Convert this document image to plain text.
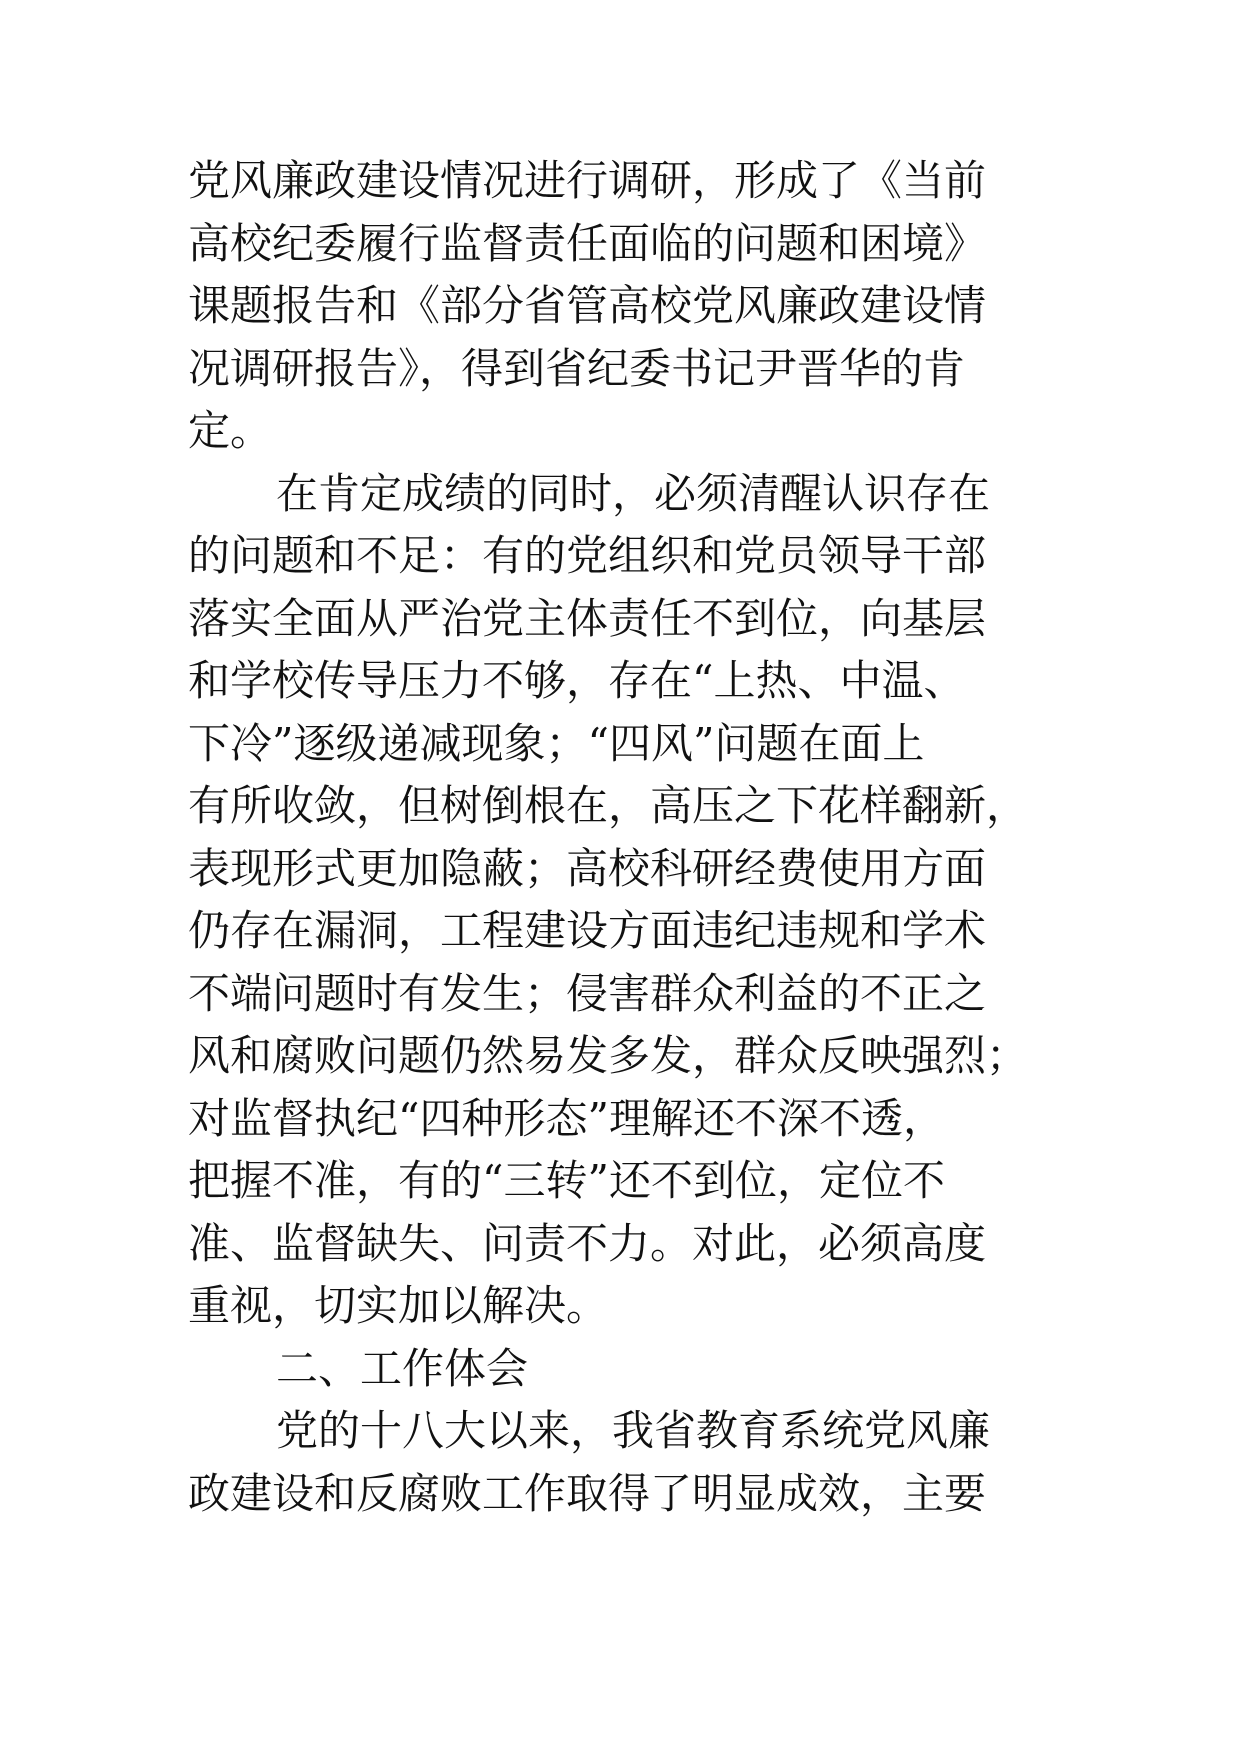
党风廉政建设情况进行调研，形成了《当前
高校纪委履行监督责任面临的问题和困境》
课题报告和《部分省管高校党风廉政建设情
况调研报告》，得到省纪委书记尹晋华的肯
定。
在肯定成绩的同时，必须清醒认识存在
的问题和不足：有的党组织和党员领导干部
落实全面从严治党主体责任不到位，向基层
和学校传导压力不够，存在“上热、中温、
下冷”逐级递减现象；“四风”问题在面上
有所收敛，但树倒根在，高压之下花样翻新，
表现形式更加隐蔽；高校科研经费使用方面
仍存在漏洞，工程建设方面违纪违规和学术
不端问题时有发生；侵害群众利益的不正之
风和腐败问题仍然易发多发，群众反映强烈；
对监督执纪“四种形态”理解还不深不透，
把握不准，有的“三转”还不到位，定位不
准、监督缺失、问责不力。对此，必须高度
重视，切实加以解决。
二、工作体会
党的十八大以来，我省教育系统党风廉
政建设和反腐败工作取得了明显成效，主要
